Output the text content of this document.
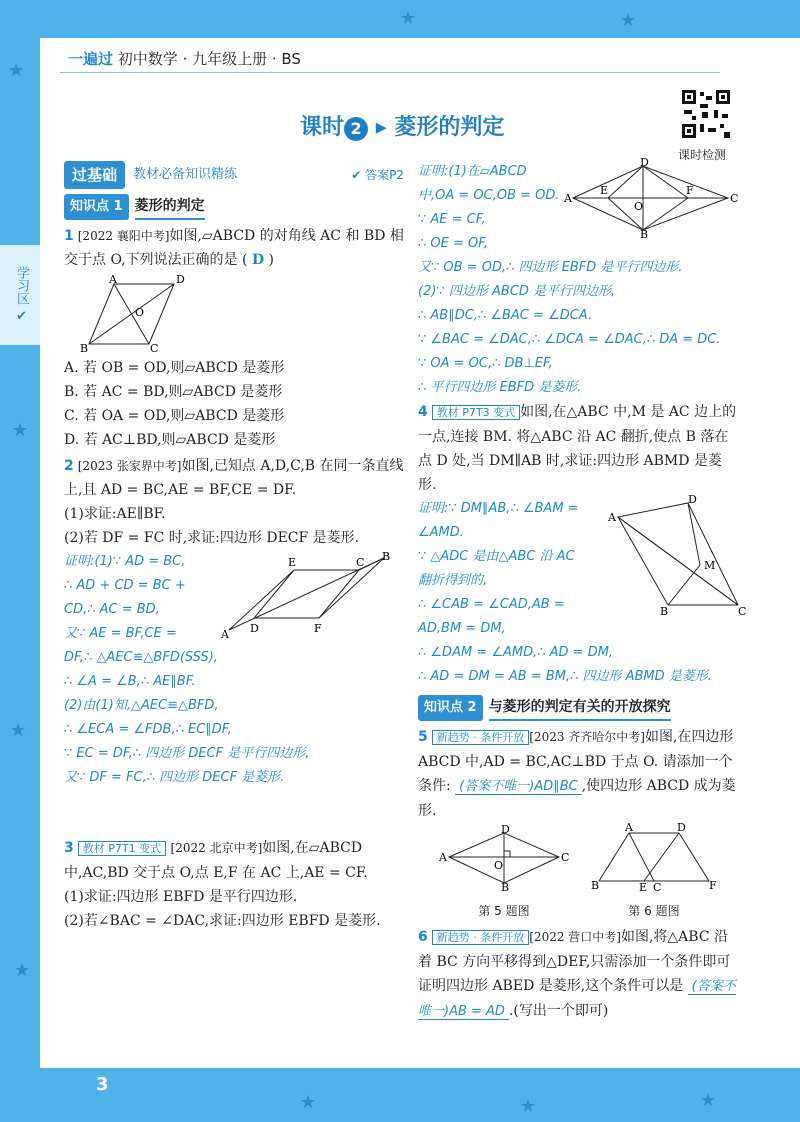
★
★
★
★
★	★	★
★	★
一遍过 初中数学 · 九年级上册 · BS
课时 2 ▸ 菱形的判定
课时检测
学习区 ✔
过基础	教材必备知识精练	✔ 答案P2
知识点 1 菱形的判定

1 [2022 襄阳中考]如图,▱ABCD 的对角线 AC 和 BD 相交于点 O,下列说法正确的是 ( D )

A	D
B	C
O

A. 若 OB = OD,则▱ABCD 是菱形

B. 若 AC = BD,则▱ABCD 是菱形

C. 若 OA = OD,则▱ABCD 是菱形

D. 若 AC⊥BD,则▱ABCD 是菱形

2 [2023 张家界中考]如图,已知点 A,D,C,B 在同一条直线上,且 AD = BC,AE = BF,CE = DF.

(1)求证:AE∥BF.

(2)若 DF = FC 时,求证:四边形 DECF 是菱形.

A D
C B
E
F

证明:(1)∵ AD = BC,

∴ AD + CD = BC +

CD,∴ AC = BD,

又∵ AE = BF,CE =

DF,∴ △AEC≌△BFD(SSS),

∴ ∠A = ∠B,∴ AE∥BF.

(2)由(1)知,△AEC≌△BFD,

∴ ∠ECA = ∠FDB,∴ EC∥DF,

∵ EC = DF,∴ 四边形 DECF 是平行四边形,

又∵ DF = FC,∴ 四边形 DECF 是菱形.

3 教材 P7T1 变式 [2022 北京中考]如图,在▱ABCD 中,AC,BD 交于点 O,点 E,F 在 AC 上,AE = CF.

(1)求证:四边形 EBFD 是平行四边形.

(2)若∠BAC = ∠DAC,求证:四边形 EBFD 是菱形.

A
D
C
B
E	F
O

证明:(1)在▱ABCD

中,OA = OC,OB = OD.

∵ AE = CF,

∴ OE = OF,

又∵ OB = OD,∴ 四边形 EBFD 是平行四边形.

(2)∵ 四边形 ABCD 是平行四边形,

∴ AB∥DC,∴ ∠BAC = ∠DCA.

∵ ∠BAC = ∠DAC,∴ ∠DCA = ∠DAC,∴ DA = DC.

∵ OA = OC,∴ DB⊥EF,

∴ 平行四边形 EBFD 是菱形.

4 教材 P7T3 变式 如图,在△ABC 中,M 是 AC 边上的一点,连接 BM. 将△ABC 沿 AC 翻折,使点 B 落在点 D 处,当 DM∥AB 时,求证:四边形 ABMD 是菱形.

A
D
B	C
M

证明:∵ DM∥AB,∴ ∠BAM =

∠AMD.

∵ △ADC 是由△ABC 沿 AC

翻折得到的,

∴ ∠CAB = ∠CAD,AB =

AD,BM = DM,

∴ ∠DAM = ∠AMD,∴ AD = DM,

∴ AD = DM = AB = BM,∴ 四边形 ABMD 是菱形.

知识点 2 与菱形的判定有关的开放探究

5 新趋势 · 条件开放 [2023 齐齐哈尔中考]如图,在四边形 ABCD 中,AD = BC,AC⊥BD 于点 O. 请添加一个条件: (答案不唯一)AD∥BC ,使四边形 ABCD 成为菱形.

A
D
C
B
O
第 5 题图
A	D
B	E C	F
第 6 题图

6 新趋势 · 条件开放 [2022 营口中考]如图,将△ABC 沿着 BC 方向平移得到△DEF,只需添加一个条件即可证明四边形 ABED 是菱形,这个条件可以是 (答案不唯一)AB = AD .(写出一个即可)

3
